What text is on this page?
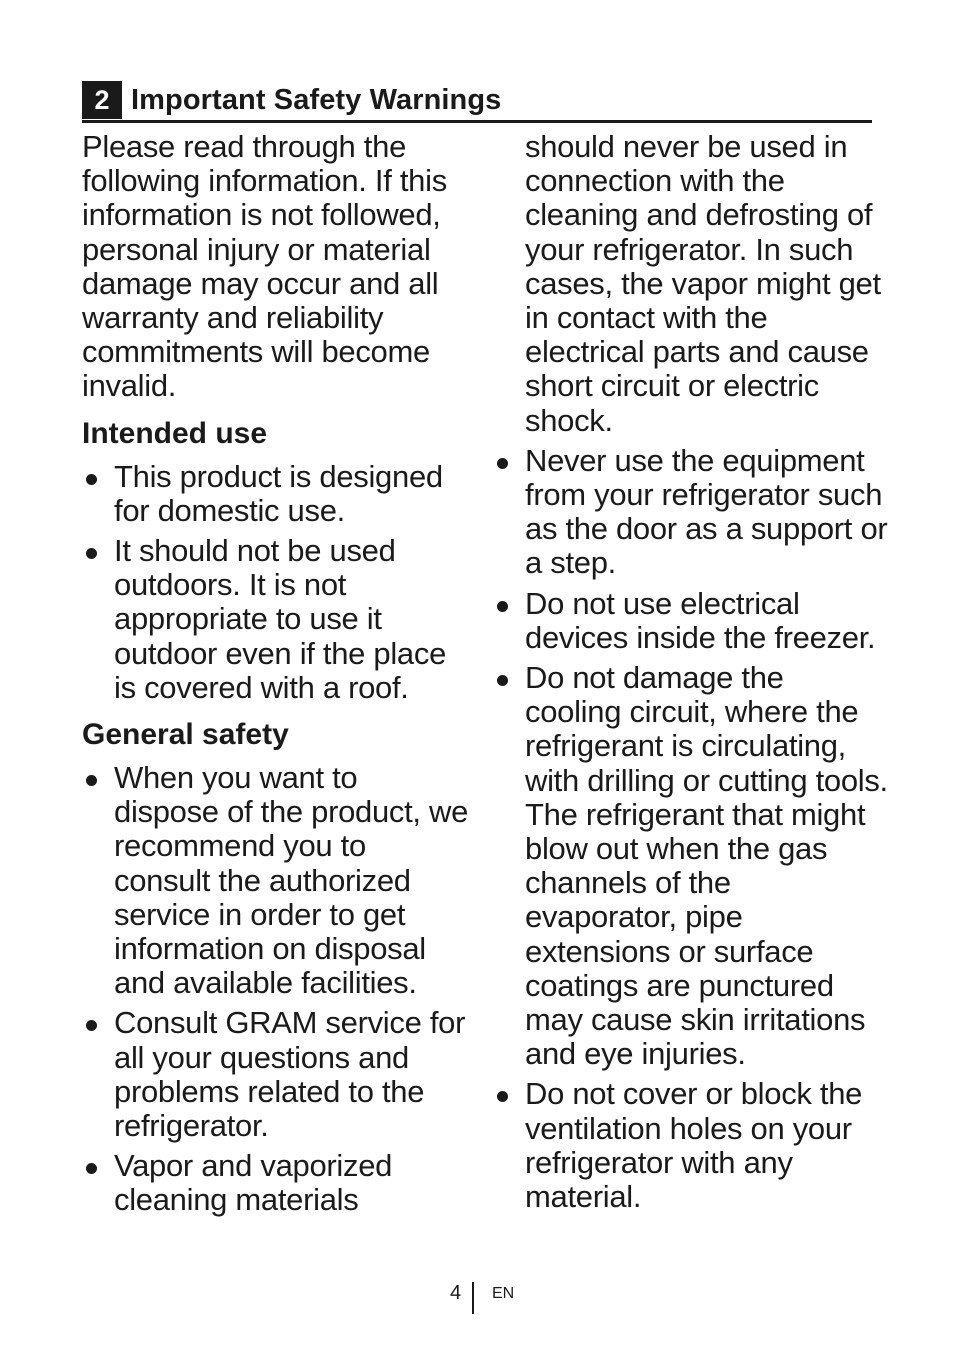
2 Important Safety Warnings

Please read through the following information. If this information is not followed, personal injury or material damage may occur and all warranty and reliability commitments will become invalid.

Intended use
This product is designed for domestic use.
It should not be used outdoors. It is not appropriate to use it outdoor even if the place is covered with a roof.
General safety
When you want to dispose of the product, we recommend you to consult the authorized service in order to get information on disposal and available facilities.
Consult GRAM service for all your questions and problems related to the refrigerator.
Vapor and vaporized cleaning materials

should never be used in connection with the cleaning and defrosting of your refrigerator. In such cases, the vapor might get in contact with the electrical parts and cause short circuit or electric shock.

Never use the equipment from your refrigerator such as the door as a support or a step.
Do not use electrical devices inside the freezer.
Do not damage the cooling circuit, where the refrigerant is circulating, with drilling or cutting tools. The refrigerant that might blow out when the gas channels of the evaporator, pipe extensions or surface coatings are punctured may cause skin irritations and eye injuries.
Do not cover or block the ventilation holes on your refrigerator with any material.
4 EN
